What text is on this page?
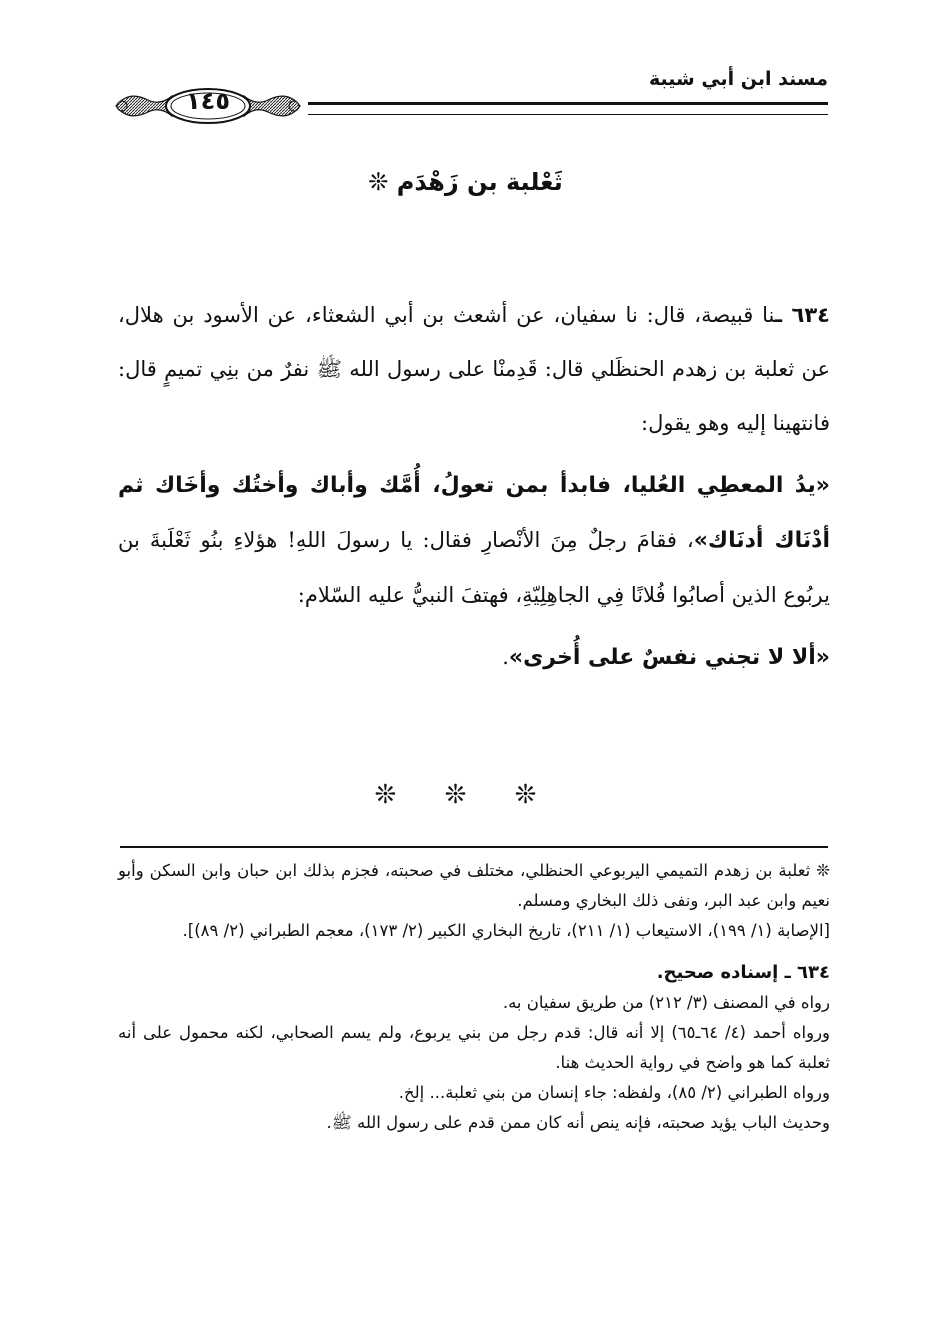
مسند ابن أبي شيبة
١٤٥
ثَعْلبة بن زَهْدَم ❊

٦٣٤ ـنا قبيصة، قال: نا سفيان، عن أشعث بن أبي الشعثاء، عن الأسود بن هلال، عن ثعلبة بن زهدم الحنظَلي قال: قَدِمنْا على رسول الله ﷺ نفرٌ من بنِي تميمٍ قال: فانتهينا إليه وهو يقول:

«يدُ المعطِي العُليا، فابدأ بمن تعولُ، أُمَّك وأباك وأختُك وأخَاك ثم أدْنَاك أدنَاك»، فقامَ رجلٌ مِنَ الأنْصارِ فقال: يا رسولَ اللهِ! هؤلاءِ بنُو ثَعْلَبةَ بن يربُوع الذين أصابُوا فُلانًا فِي الجاهِلِيّةِ، فهتفَ النبيُّ عليه السّلام:

«ألا لا تجني نفسٌ على أُخرى».

❊ ❊ ❊

❊ ثعلبة بن زهدم التميمي اليربوعي الحنظلي، مختلف في صحبته، فجزم بذلك ابن حبان وابن السكن وأبو نعيم وابن عبد البر، ونفى ذلك البخاري ومسلم.

[الإصابة (١/ ١٩٩)، الاستيعاب (١/ ٢١١)، تاريخ البخاري الكبير (٢/ ١٧٣)، معجم الطبراني (٢/ ٨٩)].

٦٣٤ ـ إسناده صحيح.

رواه في المصنف (٣/ ٢١٢) من طريق سفيان به.

ورواه أحمد (٤/ ٦٤ـ٦٥) إلا أنه قال: قدم رجل من بني يربوع، ولم يسم الصحابي، لكنه محمول على أنه ثعلبة كما هو واضح في رواية الحديث هنا.

ورواه الطبراني (٢/ ٨٥)، ولفظه: جاء إنسان من بني ثعلبة... إلخ.

وحديث الباب يؤيد صحبته، فإنه ينص أنه كان ممن قدم على رسول الله ﷺ.
